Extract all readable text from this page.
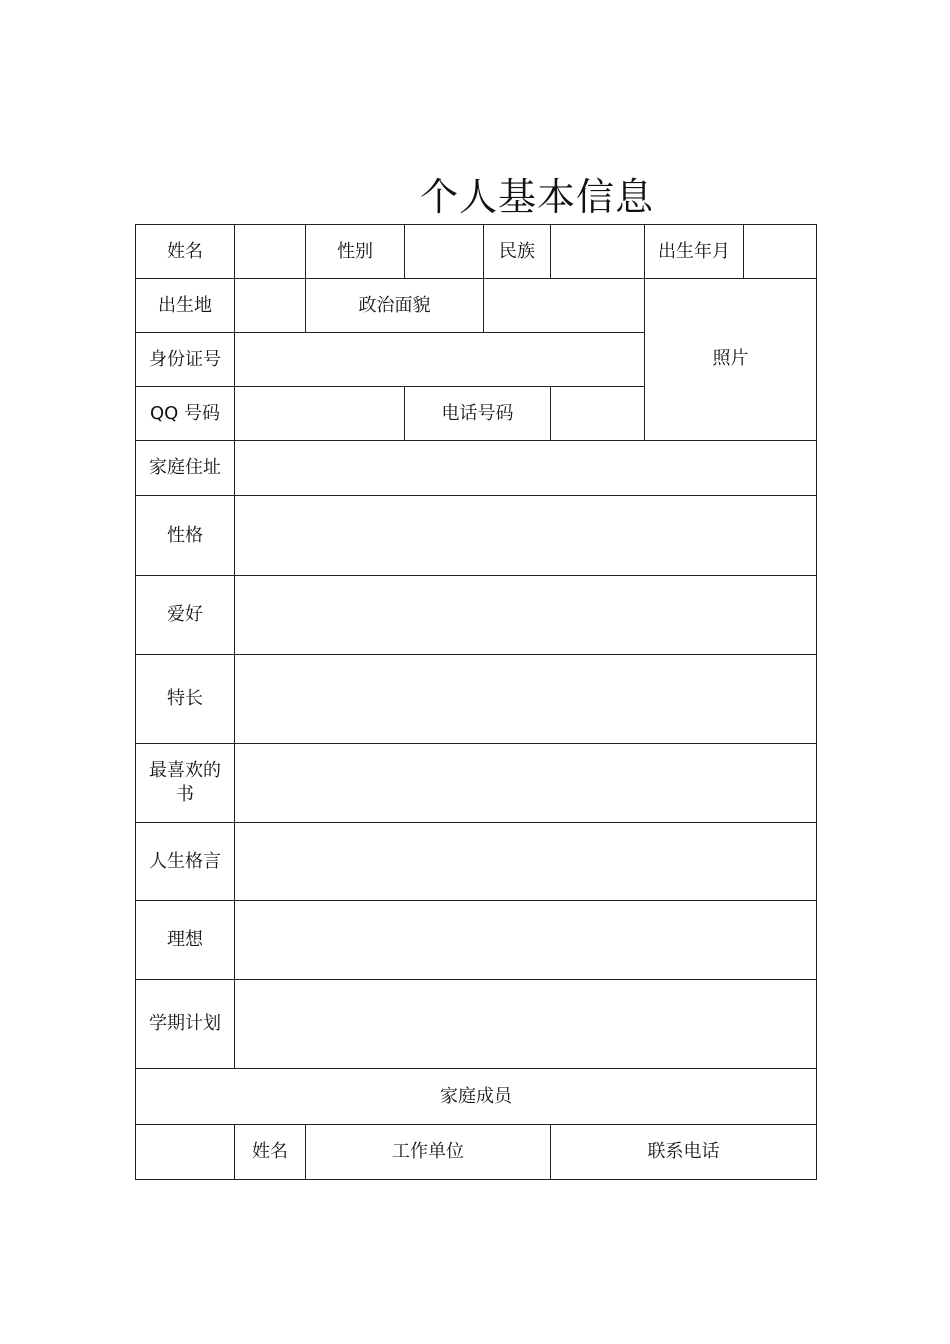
个人基本信息
姓名		性别		民族		出生年月	
出生地		政治面貌				照片	
身份证号							
QQ 号码			电话号码				
家庭住址							
性格							
爱好							
特长							

最喜欢的
书							

人生格言							
理想							
学期计划							
家庭成员							
	姓名	工作单位			联系电话		
